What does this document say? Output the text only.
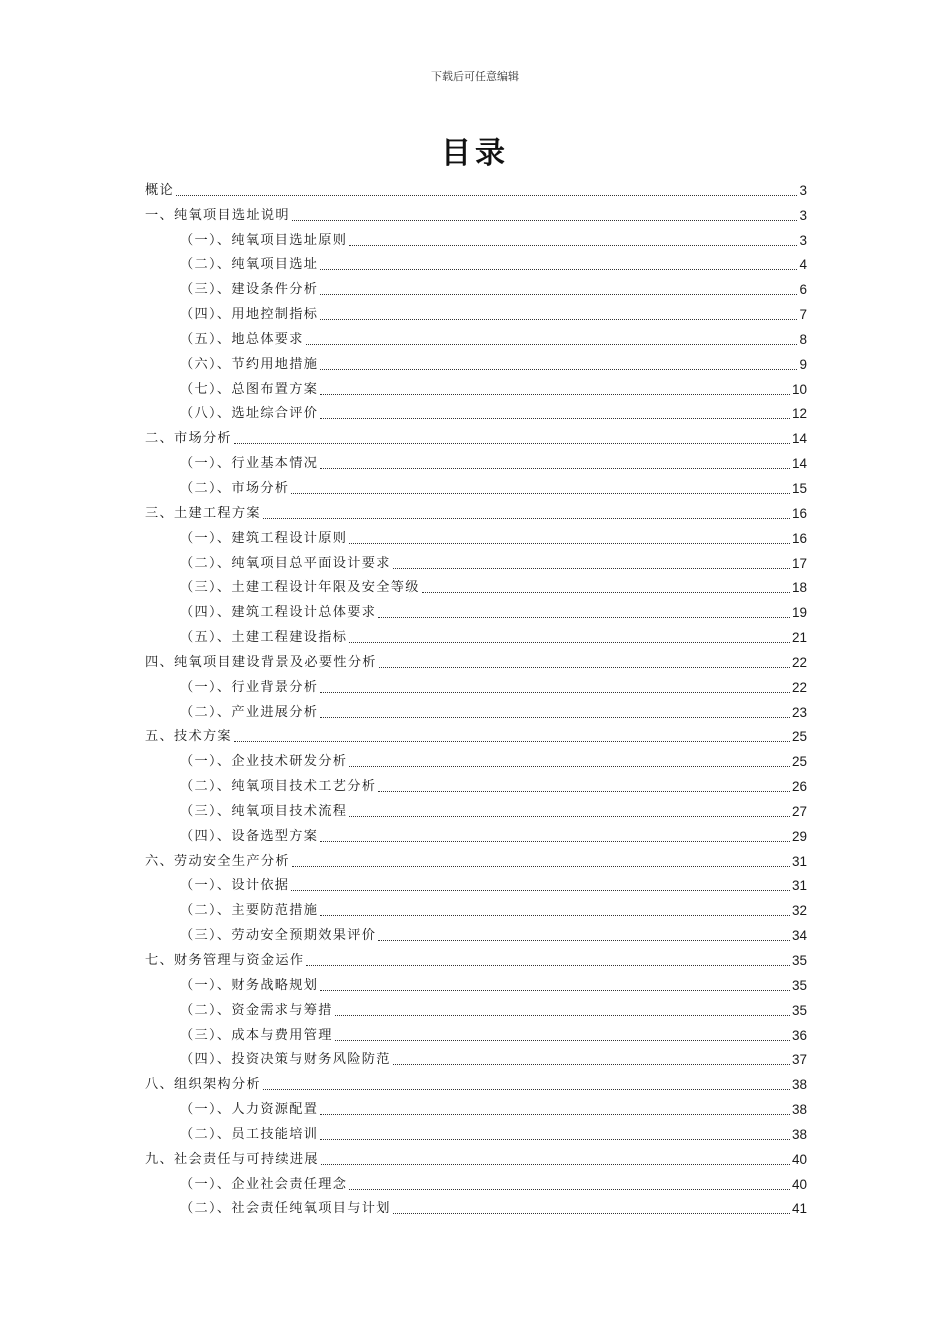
下载后可任意编辑
目录
概论	3
一、纯氧项目选址说明	3
（一）、纯氧项目选址原则	3
（二）、纯氧项目选址	4
（三）、建设条件分析	6
（四）、用地控制指标	7
（五）、地总体要求	8
（六）、节约用地措施	9
（七）、总图布置方案	10
（八）、选址综合评价	12
二、市场分析	14
（一）、行业基本情况	14
（二）、市场分析	15
三、土建工程方案	16
（一）、建筑工程设计原则	16
（二）、纯氧项目总平面设计要求	17
（三）、土建工程设计年限及安全等级	18
（四）、建筑工程设计总体要求	19
（五）、土建工程建设指标	21
四、纯氧项目建设背景及必要性分析	22
（一）、行业背景分析	22
（二）、产业进展分析	23
五、技术方案	25
（一）、企业技术研发分析	25
（二）、纯氧项目技术工艺分析	26
（三）、纯氧项目技术流程	27
（四）、设备选型方案	29
六、劳动安全生产分析	31
（一）、设计依据	31
（二）、主要防范措施	32
（三）、劳动安全预期效果评价	34
七、财务管理与资金运作	35
（一）、财务战略规划	35
（二）、资金需求与筹措	35
（三）、成本与费用管理	36
（四）、投资决策与财务风险防范	37
八、组织架构分析	38
（一）、人力资源配置	38
（二）、员工技能培训	38
九、社会责任与可持续进展	40
（一）、企业社会责任理念	40
（二）、社会责任纯氧项目与计划	41
